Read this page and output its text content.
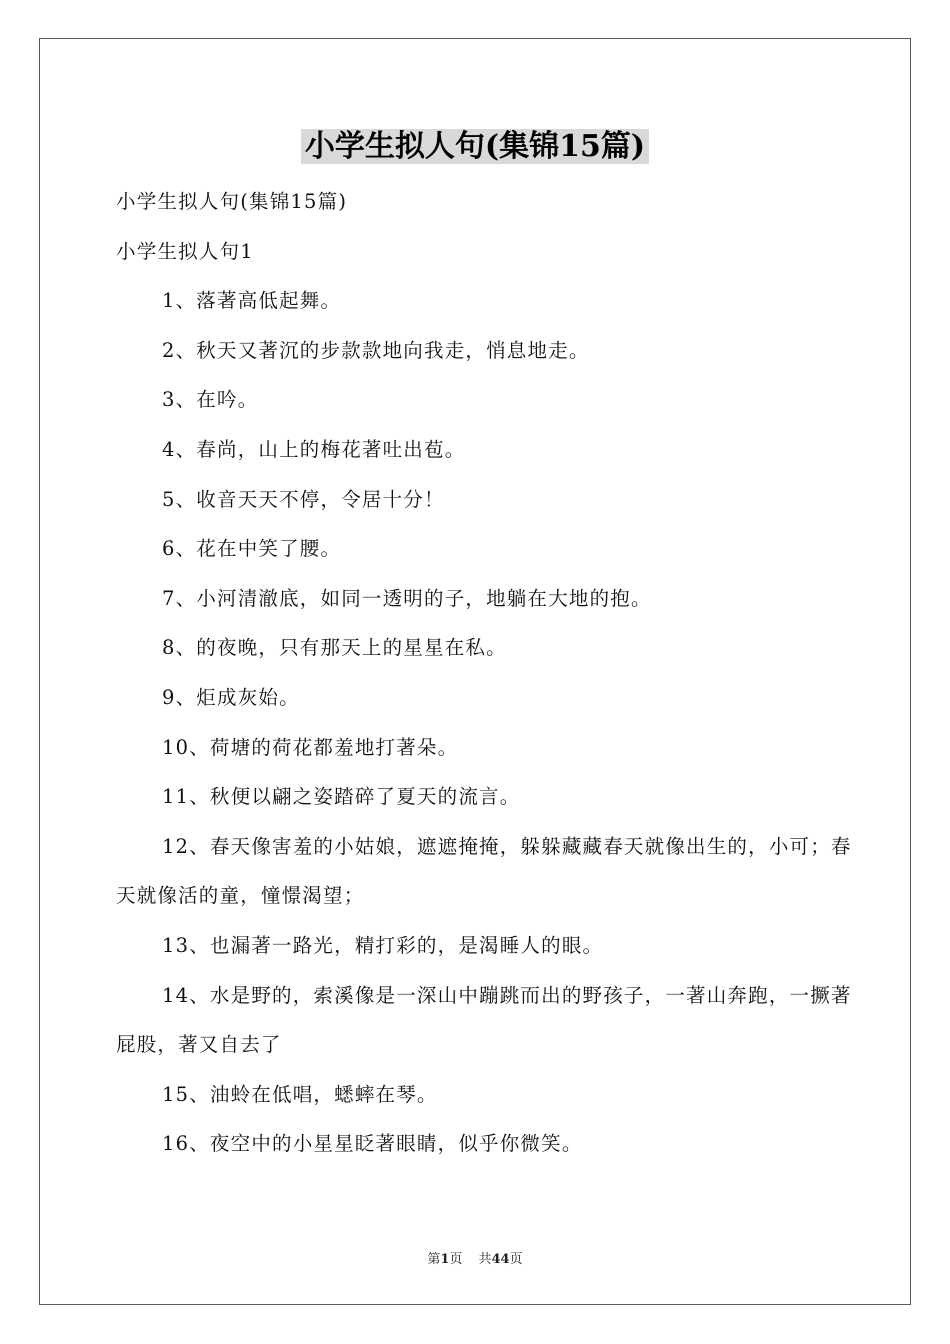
小学生拟人句(集锦15篇)

小学生拟人句(集锦15篇)

小学生拟人句1

1、落著高低起舞。

2、秋天又著沉的步款款地向我走，悄息地走。

3、在吟。

4、春尚，山上的梅花著吐出苞。

5、收音天天不停，令居十分！

6、花在中笑了腰。

7、小河清澈底，如同一透明的子，地躺在大地的抱。

8、的夜晚，只有那天上的星星在私。

9、炬成灰始。

10、荷塘的荷花都羞地打著朵。

11、秋便以翩之姿踏碎了夏天的流言。

12、春天像害羞的小姑娘，遮遮掩掩，躲躲藏藏春天就像出生的，小可；春天就像活的童，憧憬渴望；

13、也漏著一路光，精打彩的，是渴睡人的眼。

14、水是野的，索溪像是一深山中蹦跳而出的野孩子，一著山奔跑，一撅著屁股，著又自去了

15、油蛉在低唱，蟋蟀在琴。

16、夜空中的小星星眨著眼睛，似乎你微笑。

第1页 共44页
